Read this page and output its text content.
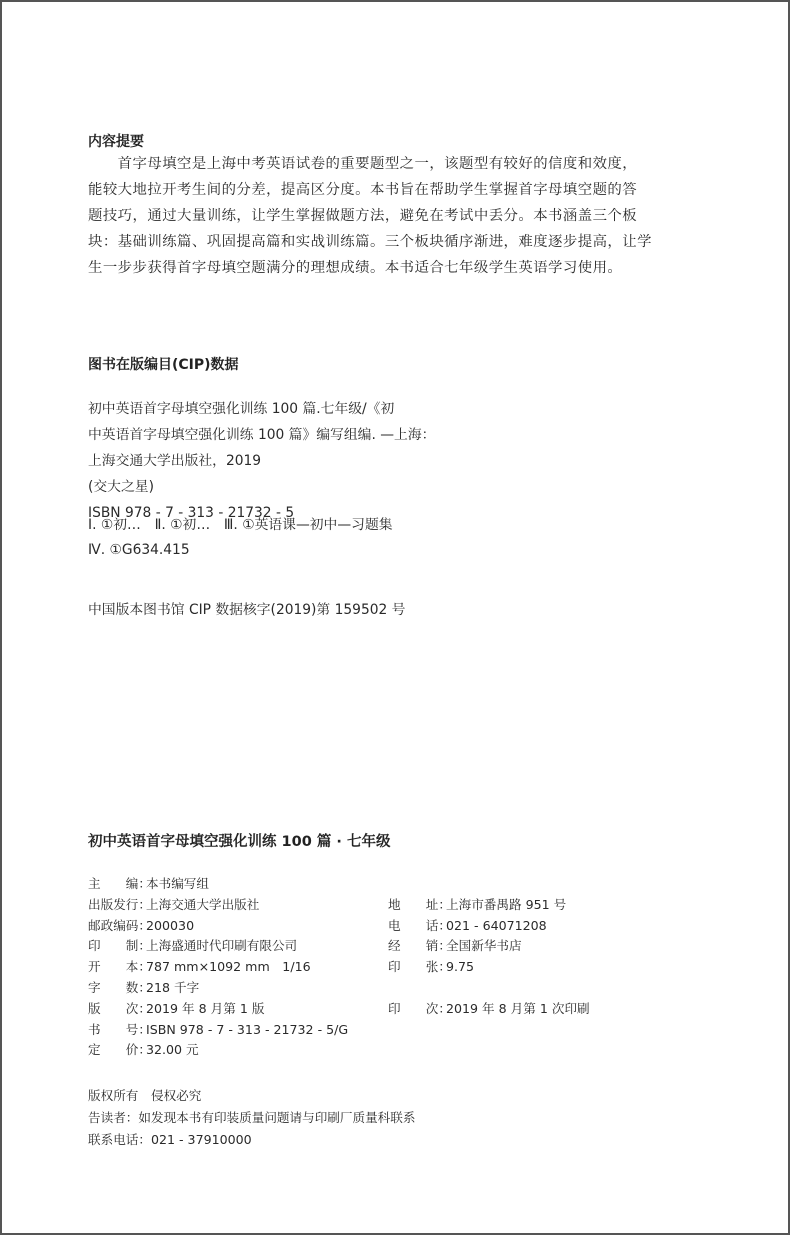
内容提要
　　首字母填空是上海中考英语试卷的重要题型之一，该题型有较好的信度和效度，
能较大地拉开考生间的分差，提高区分度。本书旨在帮助学生掌握首字母填空题的答
题技巧，通过大量训练，让学生掌握做题方法，避免在考试中丢分。本书涵盖三个板
块：基础训练篇、巩固提高篇和实战训练篇。三个板块循序渐进，难度逐步提高，让学
生一步步获得首字母填空题满分的理想成绩。本书适合七年级学生英语学习使用。
图书在版编目(CIP)数据
初中英语首字母填空强化训练 100 篇.七年级/《初
中英语首字母填空强化训练 100 篇》编写组编. —上海：
上海交通大学出版社，2019
(交大之星)
ISBN 978 - 7 - 313 - 21732 - 5
Ⅰ. ①初…　Ⅱ. ①初…　Ⅲ. ①英语课—初中—习题集
Ⅳ. ①G634.415
中国版本图书馆 CIP 数据核字(2019)第 159502 号
初中英语首字母填空强化训练 100 篇 · 七年级
主　　编：本书编写组
出版发行：上海交通大学出版社
邮政编码：200030
印　　制：上海盛通时代印刷有限公司
开　　本：787 mm×1092 mm　1/16
字　　数：218 千字
版　　次：2019 年 8 月第 1 版
书　　号：ISBN 978 - 7 - 313 - 21732 - 5/G
定　　价：32.00 元

地　　址：上海市番禺路 951 号
电　　话：021 - 64071208
经　　销：全国新华书店
印　　张：9.75

印　　次：2019 年 8 月第 1 次印刷
版权所有　侵权必究
告读者：如发现本书有印装质量问题请与印刷厂质量科联系
联系电话：021 - 37910000
